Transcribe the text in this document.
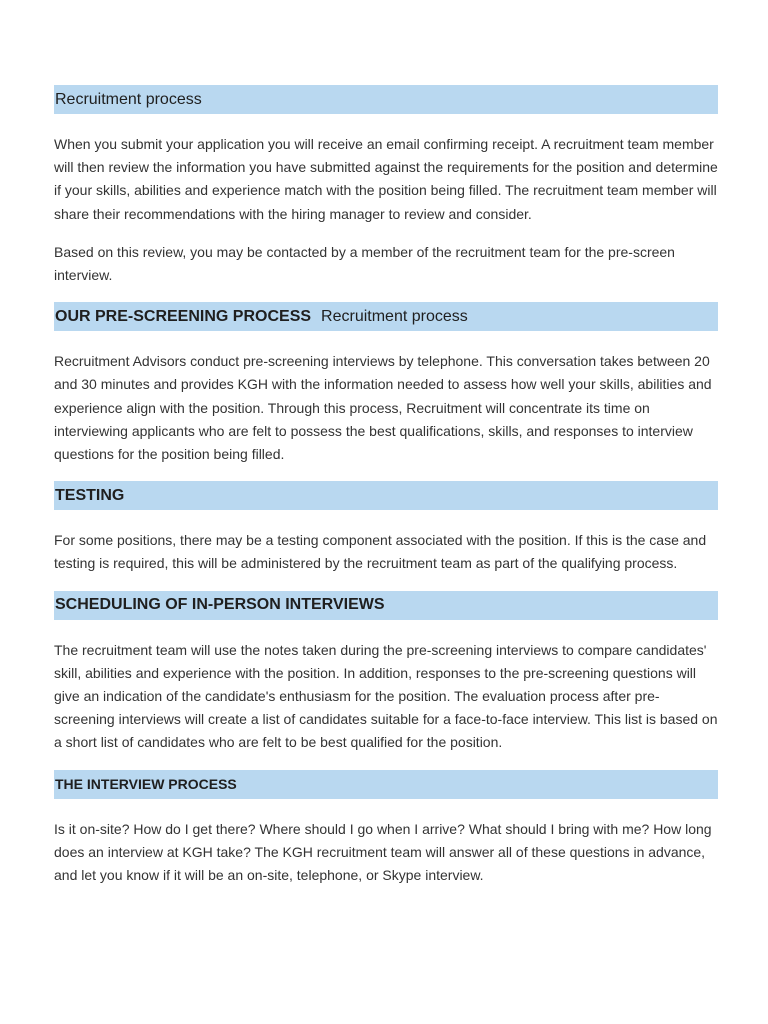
Recruitment process

When you submit your application you will receive an email confirming receipt. A recruitment team member will then review the information you have submitted against the requirements for the position and determine if your skills, abilities and experience match with the position being filled. The recruitment team member will share their recommendations with the hiring manager to review and consider.

Based on this review, you may be contacted by a member of the recruitment team for the pre-screen interview.

OUR PRE-SCREENING PROCESS Recruitment process

Recruitment Advisors conduct pre-screening interviews by telephone. This conversation takes between 20 and 30 minutes and provides KGH with the information needed to assess how well your skills, abilities and experience align with the position. Through this process, Recruitment will concentrate its time on interviewing applicants who are felt to possess the best qualifications, skills, and responses to interview questions for the position being filled.

TESTING

For some positions, there may be a testing component associated with the position. If this is the case and testing is required, this will be administered by the recruitment team as part of the qualifying process.

SCHEDULING OF IN-PERSON INTERVIEWS

The recruitment team will use the notes taken during the pre-screening interviews to compare candidates' skill, abilities and experience with the position. In addition, responses to the pre-screening questions will give an indication of the candidate's enthusiasm for the position. The evaluation process after pre-screening interviews will create a list of candidates suitable for a face-to-face interview. This list is based on a short list of candidates who are felt to be best qualified for the position.

THE INTERVIEW PROCESS

Is it on-site? How do I get there? Where should I go when I arrive? What should I bring with me? How long does an interview at KGH take? The KGH recruitment team will answer all of these questions in advance, and let you know if it will be an on-site, telephone, or Skype interview.
